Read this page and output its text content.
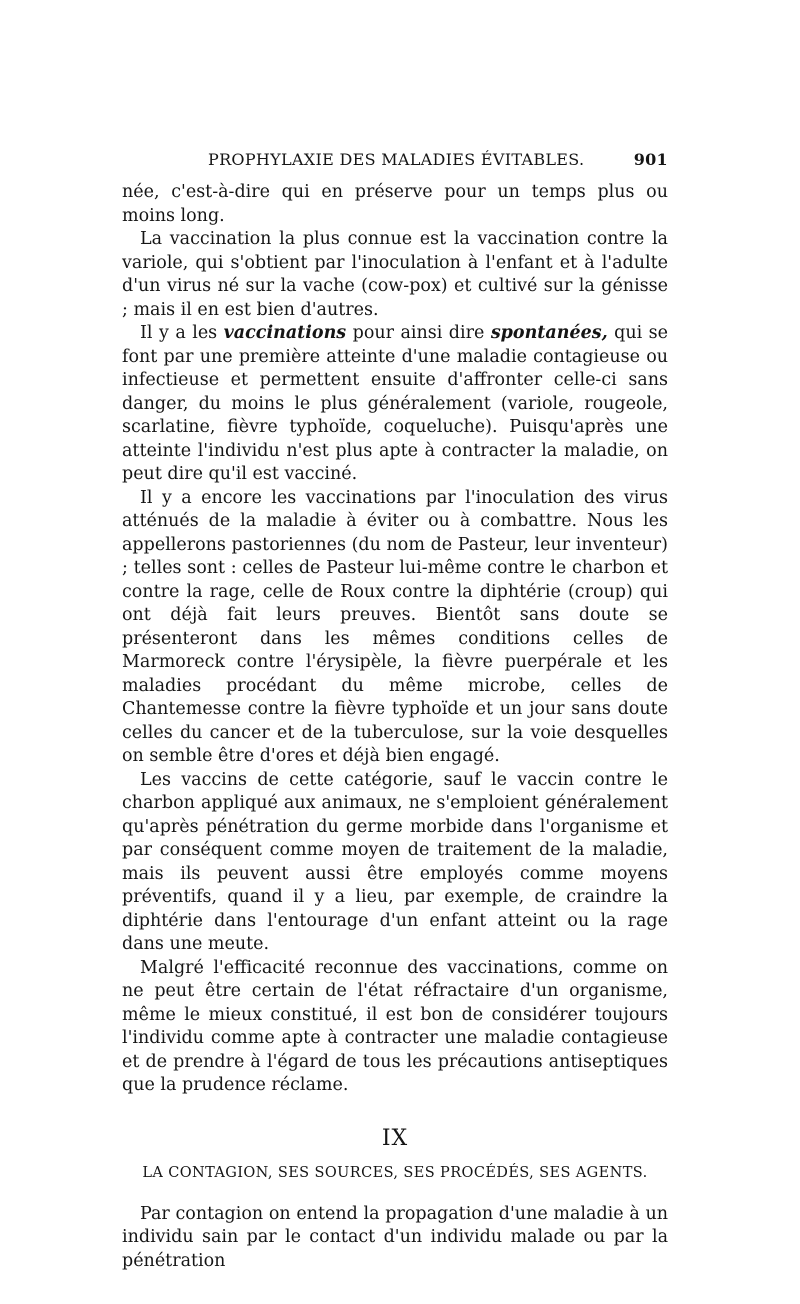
PROPHYLAXIE DES MALADIES ÉVITABLES.	901

née, c'est-à-dire qui en préserve pour un temps plus ou moins long.

La vaccination la plus connue est la vaccination contre la variole, qui s'obtient par l'inoculation à l'enfant et à l'adulte d'un virus né sur la vache (cow-pox) et cultivé sur la génisse ; mais il en est bien d'autres.

Il y a les vaccinations pour ainsi dire spontanées, qui se font par une première atteinte d'une maladie contagieuse ou infectieuse et permettent ensuite d'affronter celle-ci sans danger, du moins le plus généralement (variole, rougeole, scarlatine, fièvre typhoïde, coqueluche). Puisqu'après une atteinte l'individu n'est plus apte à contracter la maladie, on peut dire qu'il est vacciné.

Il y a encore les vaccinations par l'inoculation des virus atténués de la maladie à éviter ou à combattre. Nous les appellerons pastoriennes (du nom de Pasteur, leur inventeur) ; telles sont : celles de Pasteur lui-même contre le charbon et contre la rage, celle de Roux contre la diphtérie (croup) qui ont déjà fait leurs preuves. Bientôt sans doute se présenteront dans les mêmes conditions celles de Marmoreck contre l'érysipèle, la fièvre puerpérale et les maladies procédant du même microbe, celles de Chantemesse contre la fièvre typhoïde et un jour sans doute celles du cancer et de la tuberculose, sur la voie desquelles on semble être d'ores et déjà bien engagé.

Les vaccins de cette catégorie, sauf le vaccin contre le charbon appliqué aux animaux, ne s'emploient généralement qu'après pénétration du germe morbide dans l'organisme et par conséquent comme moyen de traitement de la maladie, mais ils peuvent aussi être employés comme moyens préventifs, quand il y a lieu, par exemple, de craindre la diphtérie dans l'entourage d'un enfant atteint ou la rage dans une meute.

Malgré l'efficacité reconnue des vaccinations, comme on ne peut être certain de l'état réfractaire d'un organisme, même le mieux constitué, il est bon de considérer toujours l'individu comme apte à contracter une maladie contagieuse et de prendre à l'égard de tous les précautions antiseptiques que la prudence réclame.

IX
LA CONTAGION, SES SOURCES, SES PROCÉDÉS, SES AGENTS.

Par contagion on entend la propagation d'une maladie à un individu sain par le contact d'un individu malade ou par la pénétration
